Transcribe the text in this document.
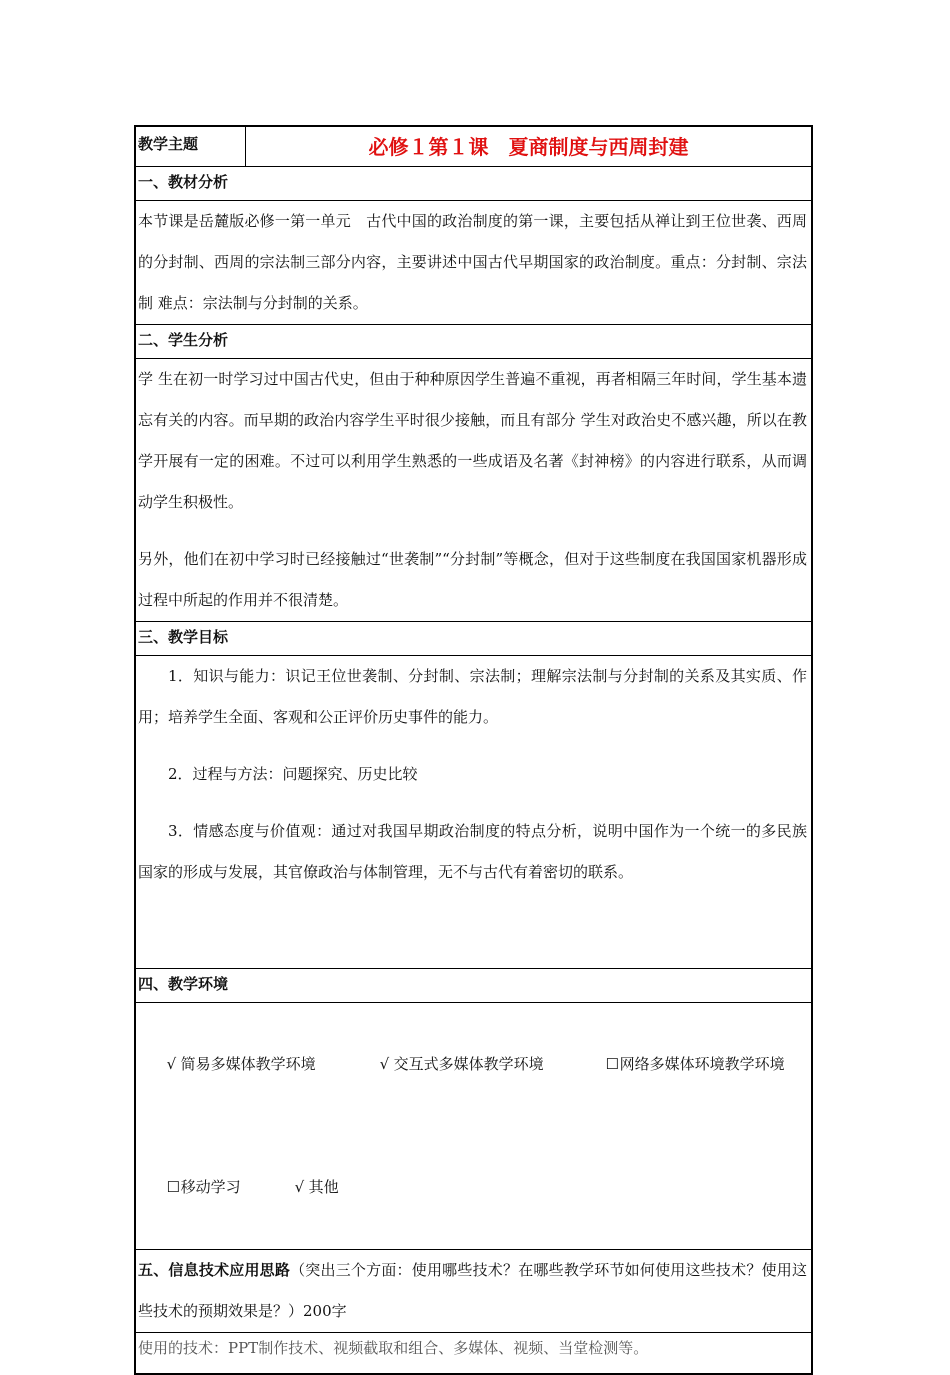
教学主题	必修１第１课　夏商制度与西周封建
一、教材分析
本节课是岳麓版必修一第一单元　古代中国的政治制度的第一课，主要包括从禅让到王位世袭、西周的分封制、西周的宗法制三部分内容，主要讲述中国古代早期国家的政治制度。重点：分封制、宗法制 难点：宗法制与分封制的关系。
二、学生分析
学 生在初一时学习过中国古代史，但由于种种原因学生普遍不重视，再者相隔三年时间，学生基本遗忘有关的内容。而早期的政治内容学生平时很少接触，而且有部分 学生对政治史不感兴趣，所以在教学开展有一定的困难。不过可以利用学生熟悉的一些成语及名著《封神榜》的内容进行联系，从而调动学生积极性。
另外，他们在初中学习时已经接触过“世袭制”“分封制”等概念，但对于这些制度在我国国家机器形成过程中所起的作用并不很清楚。
三、教学目标
1．知识与能力：识记王位世袭制、分封制、宗法制；理解宗法制与分封制的关系及其实质、作用；培养学生全面、客观和公正评价历史事件的能力。
2．过程与方法：问题探究、历史比较
3．情感态度与价值观：通过对我国早期政治制度的特点分析，说明中国作为一个统一的多民族国家的形成与发展，其官僚政治与体制管理，无不与古代有着密切的联系。
四、教学环境

√ 简易多媒体教学环境	√ 交互式多媒体教学环境	☐网络多媒体环境教学环境

☐移动学习	√ 其他

五、信息技术应用思路（突出三个方面：使用哪些技术？在哪些教学环节如何使用这些技术？使用这些技术的预期效果是？）200字
使用的技术：PPT制作技术、视频截取和组合、多媒体、视频、当堂检测等。
